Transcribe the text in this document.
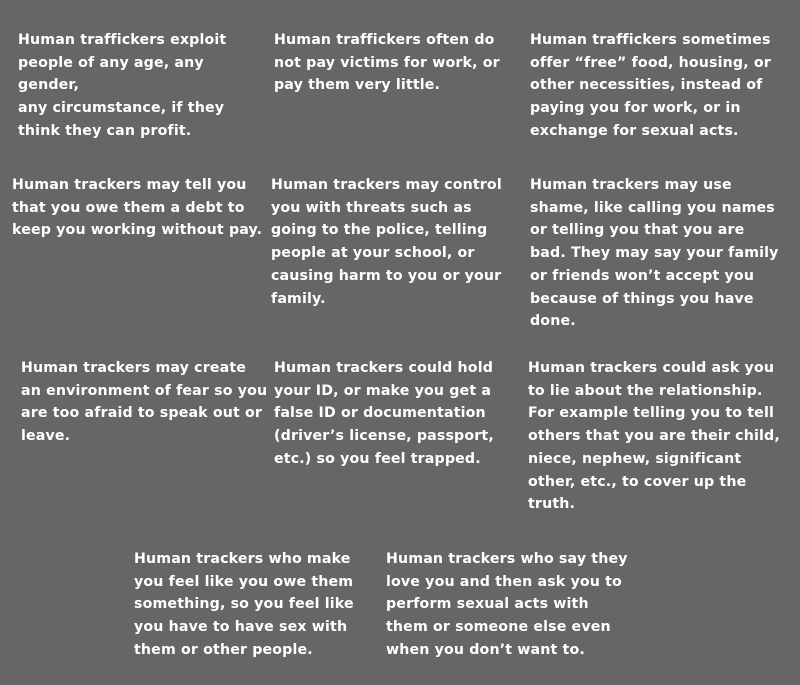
Human traffickers exploit
people of any age, any gender,
any circumstance, if they
think they can profit.

Human traffickers often do
not pay victims for work, or
pay them very little.

Human traffickers sometimes
offer “free” food, housing, or
other necessities, instead of
paying you for work, or in
exchange for sexual acts.

Human trackers may tell you
that you owe them a debt to
keep you working without pay.

Human trackers may control
you with threats such as
going to the police, telling
people at your school, or
causing harm to you or your
family.

Human trackers may use
shame, like calling you names
or telling you that you are
bad. They may say your family
or friends won’t accept you
because of things you have
done.

Human trackers may create
an environment of fear so you
are too afraid to speak out or
leave.

Human trackers could hold
your ID, or make you get a
false ID or documentation
(driver’s license, passport,
etc.) so you feel trapped.

Human trackers could ask you
to lie about the relationship.
For example telling you to tell
others that you are their child,
niece, nephew, significant
other, etc., to cover up the
truth.

Human trackers who make
you feel like you owe them
something, so you feel like
you have to have sex with
them or other people.

Human trackers who say they
love you and then ask you to
perform sexual acts with
them or someone else even
when you don’t want to.
